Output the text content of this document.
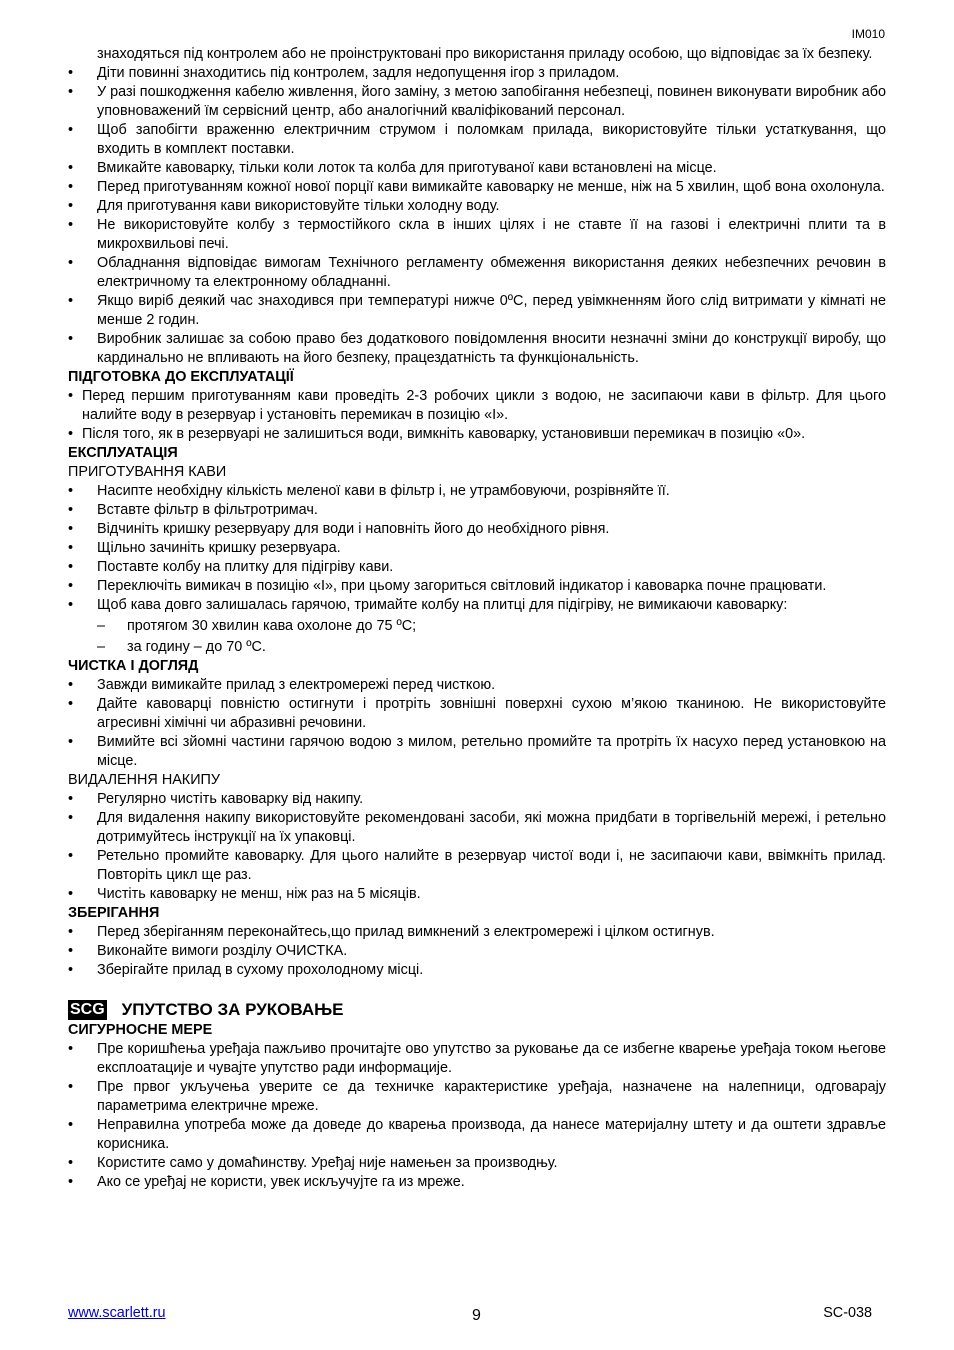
IM010
знаходяться під контролем або не проінструктовані про використання приладу особою, що відповідає за їх безпеку.
• Діти повинні знаходитись під контролем, задля недопущення ігор з приладом.
• У разі пошкодження кабелю живлення, його заміну, з метою запобігання небезпеці, повинен виконувати виробник або уповноважений їм сервісний центр, або аналогічний кваліфікований персонал.
• Щоб запобігти враженню електричним струмом і поломкам прилада, використовуйте тільки устаткування, що входить в комплект поставки.
• Вмикайте кавоварку, тільки коли лоток та колба для приготуваної кави встановлені на місце.
• Перед приготуванням кожної нової порції кави вимикайте кавоварку не менше, ніж на 5 хвилин, щоб вона охолонула.
• Для приготування кави використовуйте тільки холодну воду.
• Не використовуйте колбу з термостійкого скла в інших цілях і не ставте її на газові і електричні плити та в микрохвильові печі.
• Обладнання відповідає вимогам Технічного регламенту обмеження використання деяких небезпечних речовин в електричному та електронному обладнанні.
• Якщо виріб деякий час знаходився при температурі нижче 0ºC, перед увімкненням його слід витримати у кімнаті не менше 2 годин.
• Виробник залишає за собою право без додаткового повідомлення вносити незначні зміни до конструкції виробу, що кардинально не впливають на його безпеку, працездатність та функціональність.
ПІДГОТОВКА ДО ЕКСПЛУАТАЦІЇ
• Перед першим приготуванням кави проведіть 2-3 робочих цикли з водою, не засипаючи кави в фільтр. Для цього налийте воду в резервуар і установіть перемикач в позицію «I».
• Після того, як в резервуарі не залишиться води, вимкніть кавоварку, установивши перемикач в позицію «0».
ЕКСПЛУАТАЦІЯ
ПРИГОТУВАННЯ КАВИ
• Насипте необхідну кількість меленої кави в фільтр і, не утрамбовуючи, розрівняйте її.
• Вставте фільтр в фільтротримач.
• Відчиніть кришку резервуару для води і наповніть його до необхідного рівня.
• Щільно зачиніть кришку резервуара.
• Поставте колбу на плитку для підігріву кави.
• Переключіть вимикач в позицію «I», при цьому загориться світловий індикатор і кавоварка почне працювати.
• Щоб кава довго залишалась гарячою, тримайте колбу на плитці для підігріву, не вимикаючи кавоварку:
– протягом 30 хвилин кава охолоне до 75 ºC;
– за годину – до 70 ºC.
ЧИСТКА І ДОГЛЯД
• Завжди вимикайте прилад з електромережі перед чисткою.
• Дайте кавоварці повністю остигнути і протріть зовнішні поверхні сухою м’якою тканиною. Не використовуйте агресивні хімічні чи абразивні речовини.
• Вимийте всі зйомні частини гарячою водою з милом, ретельно промийте та протріть їх насухо перед установкою на місце.
ВИДАЛЕННЯ НАКИПУ
• Регулярно чистіть кавоварку від накипу.
• Для видалення накипу використовуйте рекомендовані засоби, які можна придбати в торгівельній мережі, і ретельно дотримуйтесь інструкції на їх упаковці.
• Ретельно промийте кавоварку. Для цього налийте в резервуар чистої води і, не засипаючи кави, ввімкніть прилад. Повторіть цикл ще раз.
• Чистіть кавоварку не менш, ніж раз на 5 місяців.
ЗБЕРІГАННЯ
• Перед зберіганням переконайтесь,що прилад вимкнений з електромережі і цілком остигнув.
• Виконайте вимоги розділу ОЧИСТКА.
• Зберігайте прилад в сухому прохолодному місці.
SCG УПУТСТВО ЗА РУКОВАЊЕ
СИГУРНОСНЕ МЕРЕ
• Пре коришћења уређаја пажљиво прочитајте ово упутство за руковање да се избегне кварење уређаја током његове експлоатације и чувајте упутство ради информације.
• Пре првог укључења уверите се да техничке карактеристике уређаја, назначене на налепници, одговарају параметрима електричне мреже.
• Неправилна употреба може да доведе до кварења производа, да нанесе материјалну штету и да оштети здравље корисника.
• Користите само у домаћинству. Уређај није намењен за производњу.
• Ако се уређај не користи, увек искључујте га из мреже.
www.scarlett.ru	9	SC-038
